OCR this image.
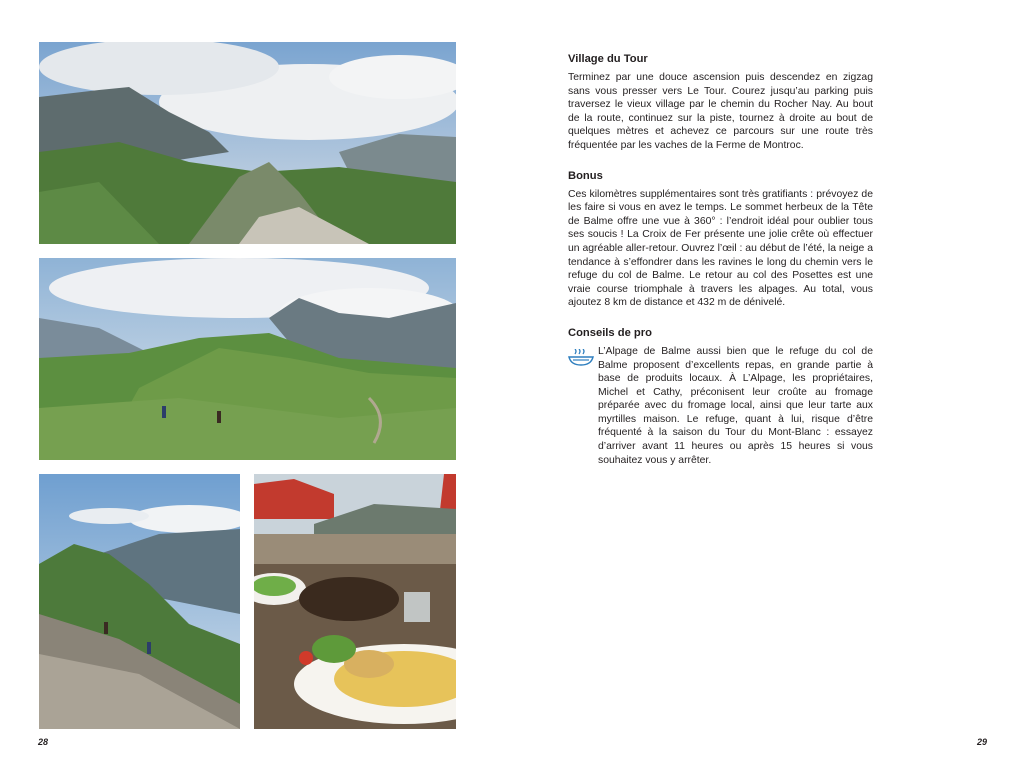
Village du Tour

Terminez par une douce ascension puis descendez en zigzag sans vous presser vers Le Tour. Courez jusqu’au parking puis traversez le vieux village par le chemin du Rocher Nay. Au bout de la route, continuez sur la piste, tournez à droite au bout de quelques mètres et achevez ce parcours sur une route très fréquentée par les vaches de la Ferme de Montroc.

Bonus

Ces kilomètres supplémentaires sont très gratifiants : prévoyez de les faire si vous en avez le temps. Le sommet herbeux de la Tête de Balme offre une vue à 360° : l’endroit idéal pour oublier tous ses soucis ! La Croix de Fer présente une jolie crête où effectuer un agréable aller-retour. Ouvrez l’œil : au début de l’été, la neige a tendance à s’effondrer dans les ravines le long du chemin vers le refuge du col de Balme. Le retour au col des Posettes est une vraie course triomphale à travers les alpages. Au total, vous ajoutez 8 km de distance et 432 m de dénivelé.

Conseils de pro

L’Alpage de Balme aussi bien que le refuge du col de Balme proposent d’excellents repas, en grande partie à base de produits locaux. À L’Alpage, les propriétaires, Michel et Cathy, préconisent leur croûte au fromage préparée avec du fromage local, ainsi que leur tarte aux myrtilles maison. Le refuge, quant à lui, risque d’être fréquenté à la saison du Tour du Mont-Blanc : essayez d’arriver avant 11 heures ou après 15 heures si vous souhaitez vous y arrêter.

28	29
